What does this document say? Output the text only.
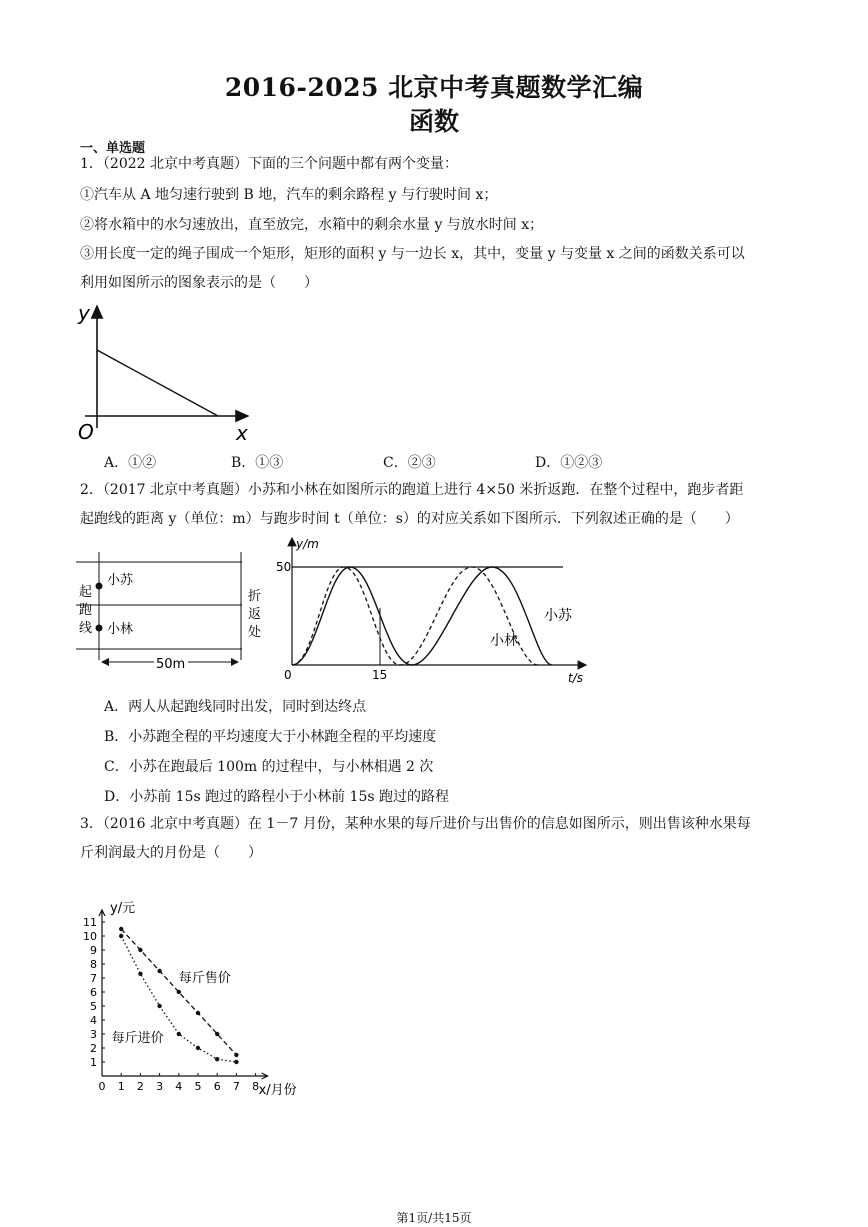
2016-2025 北京中考真题数学汇编
函数
一、单选题
1．（2022 北京中考真题）下面的三个问题中都有两个变量：
①汽车从 A 地匀速行驶到 B 地，汽车的剩余路程 y 与行驶时间 x；
②将水箱中的水匀速放出，直至放完，水箱中的剩余水量 y 与放水时间 x；
③用长度一定的绳子围成一个矩形，矩形的面积 y 与一边长 x，其中，变量 y 与变量 x 之间的函数关系可以
利用如图所示的图象表示的是（　　）
y
x
O
A．①②	B．①③	C．②③	D．①②③
2．（2017 北京中考真题）小苏和小林在如图所示的跑道上进行 4×50 米折返跑．在整个过程中，跑步者距
起跑线的距离 y（单位：m）与跑步时间 t（单位：s）的对应关系如下图所示．下列叙述正确的是（　　）
小苏
小林
起
跑
线
折
返
处
50m
y/m
50
15
0	t/s
小苏
小林
A．两人从起跑线同时出发，同时到达终点
B．小苏跑全程的平均速度大于小林跑全程的平均速度
C．小苏在跑最后 100m 的过程中，与小林相遇 2 次
D．小苏前 15s 跑过的路程小于小林前 15s 跑过的路程
3．（2016 北京中考真题）在 1－7 月份，某种水果的每斤进价与出售价的信息如图所示，则出售该种水果每
斤利润最大的月份是（　　）
0 1 2 3 4 5 6 7 8
1
2
3
4
5
6
7
8
9
10
11
y/元
x/月份
每斤售价
每斤进价
第1页/共15页
